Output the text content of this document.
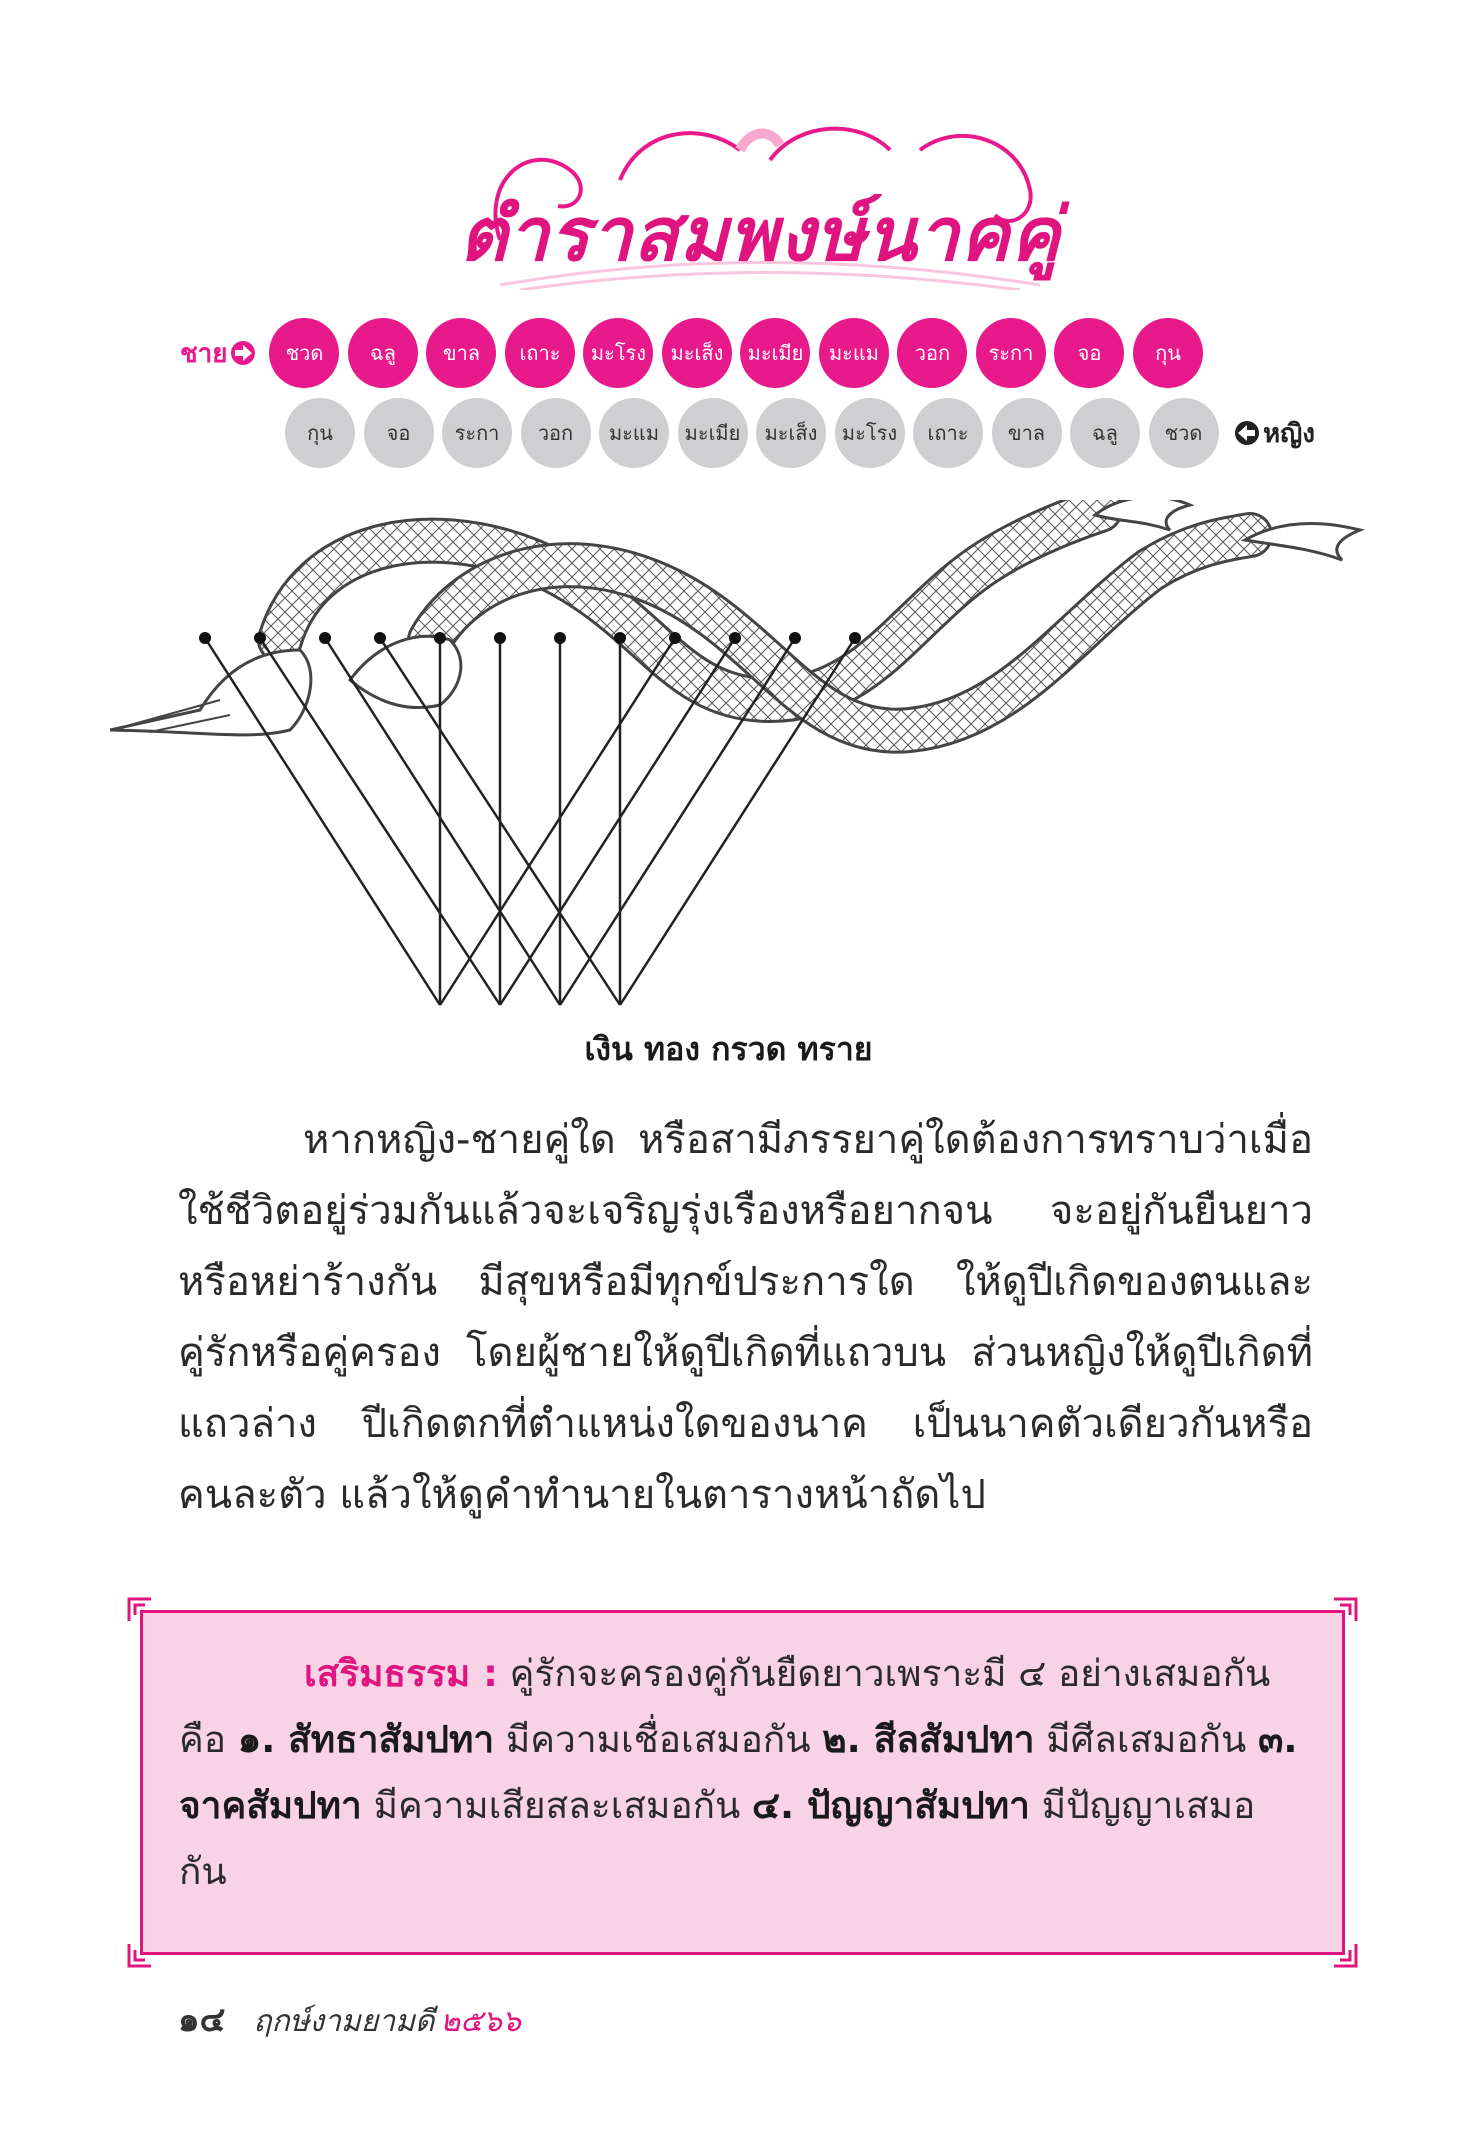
ตำราสมพงษ์นาคคู่
ชาย	ชวด	ฉลู	ขาล	เถาะ	มะโรง	มะเส็ง	มะเมีย	มะแม	วอก	ระกา	จอ	กุน
กุน	จอ	ระกา	วอก	มะแม	มะเมีย	มะเส็ง	มะโรง	เถาะ	ขาล	ฉลู	ชวด	หญิง
เงิน ทอง กรวด ทราย

หากหญิง-ชายคู่ใด หรือสามีภรรยาคู่ใดต้องการทราบว่าเมื่อใช้ชีวิตอยู่ร่วมกันแล้วจะเจริญรุ่งเรืองหรือยากจน จะอยู่กันยืนยาวหรือหย่าร้างกัน มีสุขหรือมีทุกข์ประการใด ให้ดูปีเกิดของตนและคู่รักหรือคู่ครอง โดยผู้ชายให้ดูปีเกิดที่แถวบน ส่วนหญิงให้ดูปีเกิดที่แถวล่าง ปีเกิดตกที่ตำแหน่งใดของนาค เป็นนาคตัวเดียวกันหรือคนละตัว แล้วให้ดูคำทำนายในตารางหน้าถัดไป

เสริมธรรม : คู่รักจะครองคู่กันยืดยาวเพราะมี ๔ อย่างเสมอกัน คือ ๑. สัทธาสัมปทา มีความเชื่อเสมอกัน ๒. สีลสัมปทา มีศีลเสมอกัน ๓. จาคสัมปทา มีความเสียสละเสมอกัน ๔. ปัญญาสัมปทา มีปัญญาเสมอกัน

๑๔ ฤกษ์งามยามดี ๒๕๖๖
